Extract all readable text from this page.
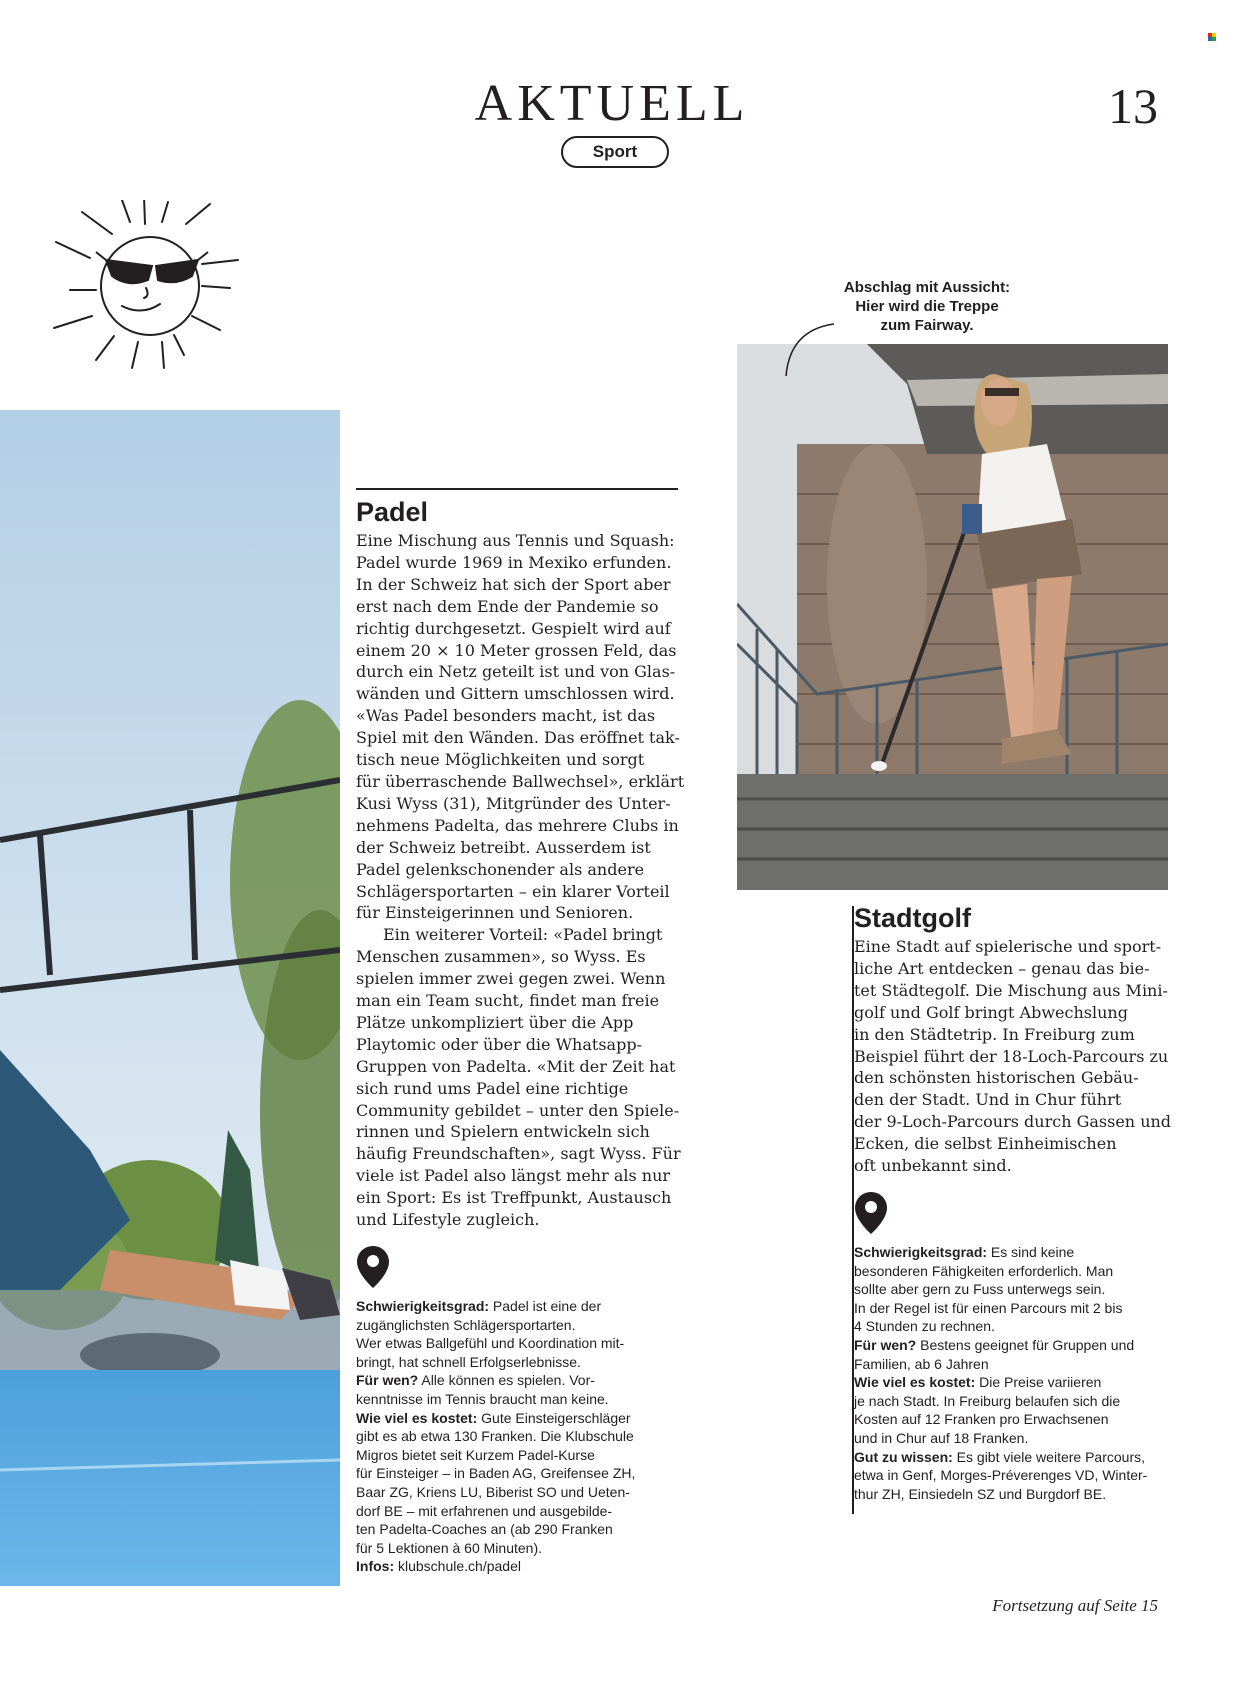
AKTUELL	13
Sport
Abschlag mit Aussicht:
Hier wird die Treppe
zum Fairway.
Padel
Eine Mischung aus Tennis und Squash:
Padel wurde 1969 in Mexiko erfunden.
In der Schweiz hat sich der Sport aber
erst nach dem Ende der Pandemie so
richtig durchgesetzt. Gespielt wird auf
einem 20 × 10 Meter grossen Feld, das
durch ein Netz geteilt ist und von Glas-
wänden und Gittern umschlossen wird.
«Was Padel besonders macht, ist das
Spiel mit den Wänden. Das eröffnet tak-
tisch neue Möglichkeiten und sorgt
für überraschende Ballwechsel», erklärt
Kusi Wyss (31), Mitgründer des Unter-
nehmens Padelta, das mehrere Clubs in
der Schweiz betreibt. Ausserdem ist
Padel gelenkschonender als andere
Schlägersportarten – ein klarer Vorteil
für Einsteigerinnen und Senioren.
Ein weiterer Vorteil: «Padel bringt
Menschen zusammen», so Wyss. Es
spielen immer zwei gegen zwei. Wenn
man ein Team sucht, findet man freie
Plätze unkompliziert über die App
Playtomic oder über die Whatsapp-
Gruppen von Padelta. «Mit der Zeit hat
sich rund ums Padel eine richtige
Community gebildet – unter den Spiele-
rinnen und Spielern entwickeln sich
häufig Freundschaften», sagt Wyss. Für
viele ist Padel also längst mehr als nur
ein Sport: Es ist Treffpunkt, Austausch
und Lifestyle zugleich.
Schwierigkeitsgrad: Padel ist eine der
zugänglichsten Schlägersportarten.
Wer etwas Ballgefühl und Koordination mit-
bringt, hat schnell Erfolgserlebnisse.
Für wen? Alle können es spielen. Vor-
kenntnisse im Tennis braucht man keine.
Wie viel es kostet: Gute Einsteigerschläger
gibt es ab etwa 130 Franken. Die Klubschule
Migros bietet seit Kurzem Padel-Kurse
für Einsteiger – in Baden AG, Greifensee ZH,
Baar ZG, Kriens LU, Biberist SO und Ueten-
dorf BE – mit erfahrenen und ausgebilde-
ten Padelta-Coaches an (ab 290 Franken
für 5 Lektionen à 60 Minuten).
Infos: klubschule.ch/padel
Stadtgolf
Eine Stadt auf spielerische und sport-
liche Art entdecken – genau das bie-
tet Städtegolf. Die Mischung aus Mini-
golf und Golf bringt Abwechslung
in den Städtetrip. In Freiburg zum
Beispiel führt der 18-Loch-Parcours zu
den schönsten historischen Gebäu-
den der Stadt. Und in Chur führt
der 9-Loch-Parcours durch Gassen und
Ecken, die selbst Einheimischen
oft unbekannt sind.
Schwierigkeitsgrad: Es sind keine
besonderen Fähigkeiten erforderlich. Man
sollte aber gern zu Fuss unterwegs sein.
In der Regel ist für einen Parcours mit 2 bis
4 Stunden zu rechnen.
Für wen? Bestens geeignet für Gruppen und
Familien, ab 6 Jahren
Wie viel es kostet: Die Preise variieren
je nach Stadt. In Freiburg belaufen sich die
Kosten auf 12 Franken pro Erwachsenen
und in Chur auf 18 Franken.
Gut zu wissen: Es gibt viele weitere Parcours,
etwa in Genf, Morges-Préverenges VD, Winter-
thur ZH, Einsiedeln SZ und Burgdorf BE.
Fortsetzung auf Seite 15
